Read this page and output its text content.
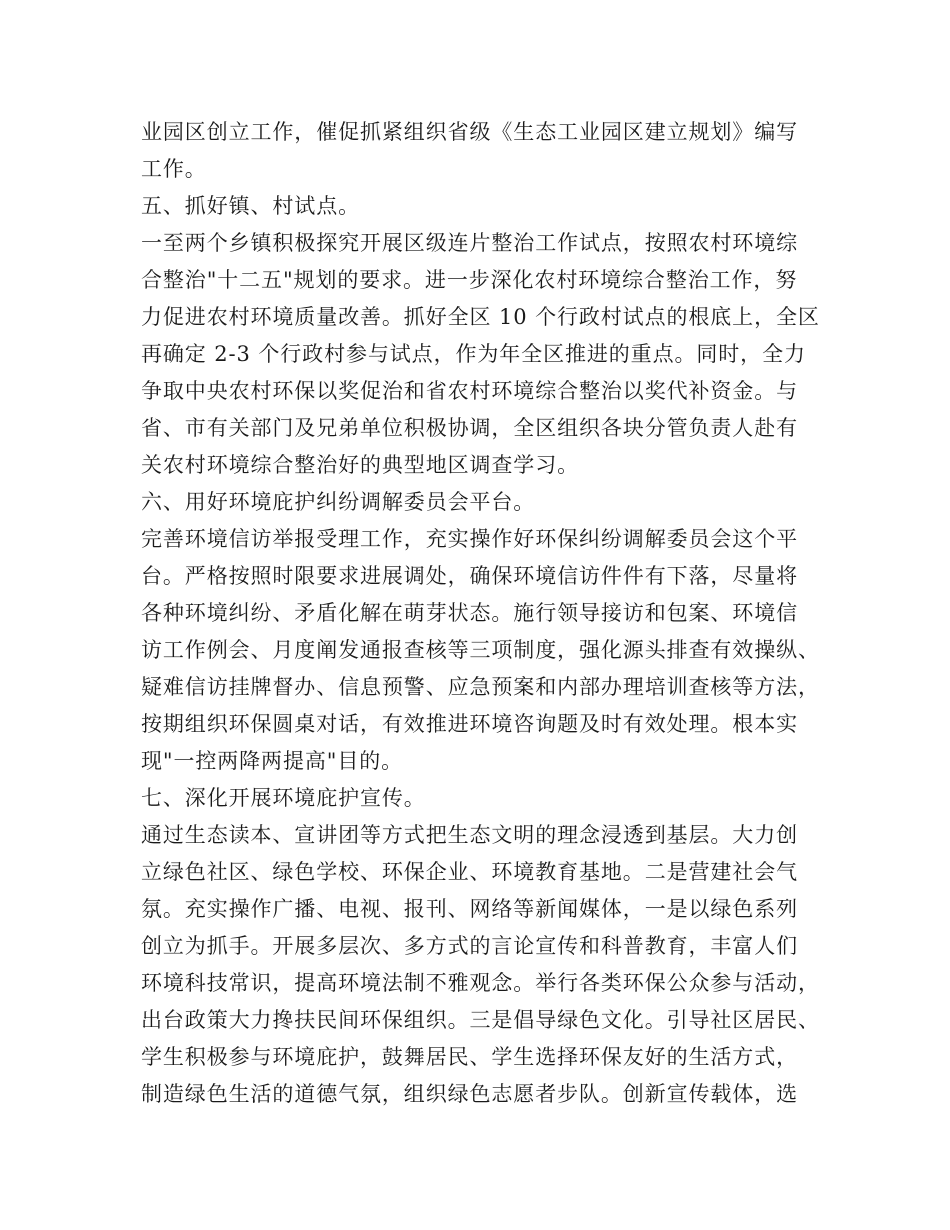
业园区创立工作，催促抓紧组织省级《生态工业园区建立规划》编写
工作。
五、抓好镇、村试点。
一至两个乡镇积极探究开展区级连片整治工作试点，按照农村环境综
合整治"十二五"规划的要求。进一步深化农村环境综合整治工作，努
力促进农村环境质量改善。抓好全区 10 个行政村试点的根底上，全区
再确定 2-3 个行政村参与试点，作为年全区推进的重点。同时，全力
争取中央农村环保以奖促治和省农村环境综合整治以奖代补资金。与
省、市有关部门及兄弟单位积极协调，全区组织各块分管负责人赴有
关农村环境综合整治好的典型地区调查学习。
六、用好环境庇护纠纷调解委员会平台。
完善环境信访举报受理工作，充实操作好环保纠纷调解委员会这个平
台。严格按照时限要求进展调处，确保环境信访件件有下落，尽量将
各种环境纠纷、矛盾化解在萌芽状态。施行领导接访和包案、环境信
访工作例会、月度阐发通报查核等三项制度，强化源头排查有效操纵、
疑难信访挂牌督办、信息预警、应急预案和内部办理培训查核等方法，
按期组织环保圆桌对话，有效推进环境咨询题及时有效处理。根本实
现"一控两降两提高"目的。
七、深化开展环境庇护宣传。
通过生态读本、宣讲团等方式把生态文明的理念浸透到基层。大力创
立绿色社区、绿色学校、环保企业、环境教育基地。二是营建社会气
氛。充实操作广播、电视、报刊、网络等新闻媒体，一是以绿色系列
创立为抓手。开展多层次、多方式的言论宣传和科普教育，丰富人们
环境科技常识，提高环境法制不雅观念。举行各类环保公众参与活动，
出台政策大力搀扶民间环保组织。三是倡导绿色文化。引导社区居民、
学生积极参与环境庇护，鼓舞居民、学生选择环保友好的生活方式，
制造绿色生活的道德气氛，组织绿色志愿者步队。创新宣传载体，选
